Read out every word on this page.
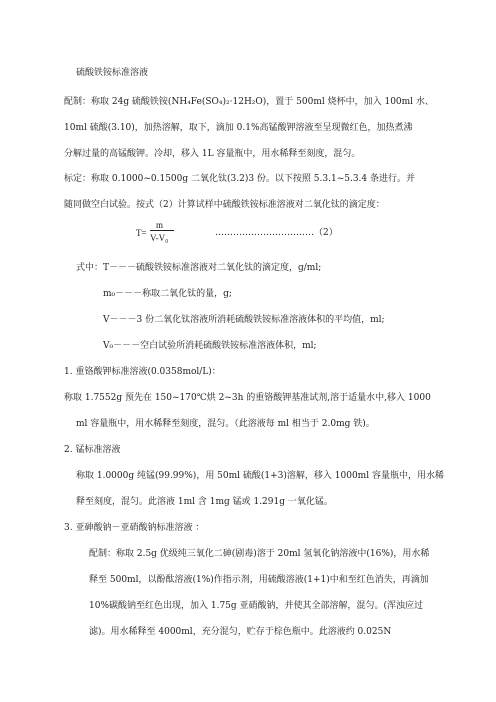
硫酸铁铵标准溶液
配制：称取 24g 硫酸铁铵(NH₄Fe(SO₄)₂·12H₂O)，置于 500ml 烧杯中，加入 100ml 水、
10ml 硫酸(3.10)，加热溶解，取下，滴加 0.1%高锰酸钾溶液至呈现微红色，加热煮沸
分解过量的高锰酸钾。冷却，移入 1L 容量瓶中，用水稀释至刻度，混匀。
标定：称取 0.1000~0.1500g 二氧化钛(3.2)3 份。以下按照 5.3.1~5.3.4 条进行。并
随同做空白试验。按式（2）计算试样中硫酸铁铵标准溶液对二氧化钛的滴定度：
T=
m
V-V₀	……………………………（2）
式中：T－－－硫酸铁铵标准溶液对二氧化钛的滴定度，g/ml;
m₀－－－称取二氧化钛的量，g;
V－－－3 份二氧化钛溶液所消耗硫酸铁铵标准溶液体积的平均值，ml;
V₀－－－空白试验所消耗硫酸铁铵标准溶液体积，ml;
1. 重铬酸钾标准溶液(0.0358mol/L)：
称取 1.7552g 预先在 150~170℃烘 2~3h 的重铬酸钾基准试剂,溶于适量水中,移入 1000
ml 容量瓶中，用水稀释至刻度，混匀。（此溶液每 ml 相当于 2.0mg 铁)。
2. 锰标准溶液
称取 1.0000g 纯锰(99.99%)，用 50ml 硫酸(1+3)溶解，移入 1000ml 容量瓶中，用水稀
释至刻度，混匀。此溶液 1ml 含 1mg 锰或 1.291g 一氧化锰。
3. 亚砷酸钠－亚硝酸钠标准溶液 ：
配制：称取 2.5g 优级纯三氧化二砷(剧毒)溶于 20ml 氢氧化钠溶液中(16%)，用水稀
释至 500ml，以酚酞溶液(1%)作指示剂，用硫酸溶液(1+1)中和至红色消失，再滴加
10%碳酸钠至红色出现，加入 1.75g 亚硝酸钠，并使其全部溶解，混匀。(浑浊应过
滤)。用水稀释至 4000ml，充分混匀，贮存于棕色瓶中。此溶液约 0.025N
